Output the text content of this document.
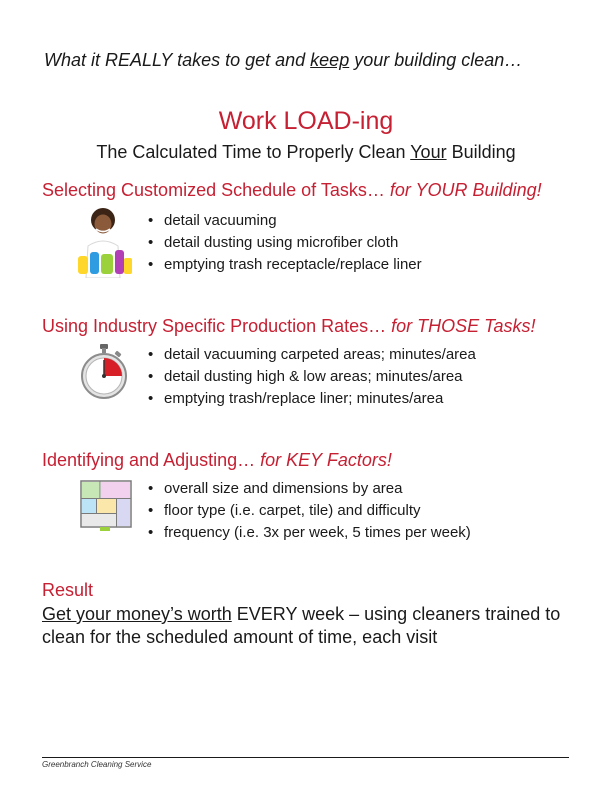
What it REALLY takes to get and keep your building clean…
Work LOAD-ing
The Calculated Time to Properly Clean Your Building
Selecting Customized Schedule of Tasks… for YOUR Building!
• detail vacuuming
• detail dusting using microfiber cloth
• emptying trash receptacle/replace liner
Using Industry Specific Production Rates… for THOSE Tasks!
• detail vacuuming carpeted areas; minutes/area
• detail dusting high & low areas; minutes/area
• emptying trash/replace liner; minutes/area
Identifying and Adjusting… for KEY Factors!
• overall size and dimensions by area
• floor type (i.e. carpet, tile) and difficulty
• frequency (i.e. 3x per week, 5 times per week)
Result
Get your money’s worth EVERY week – using cleaners trained to clean for the scheduled amount of time, each visit
Greenbranch Cleaning Service
